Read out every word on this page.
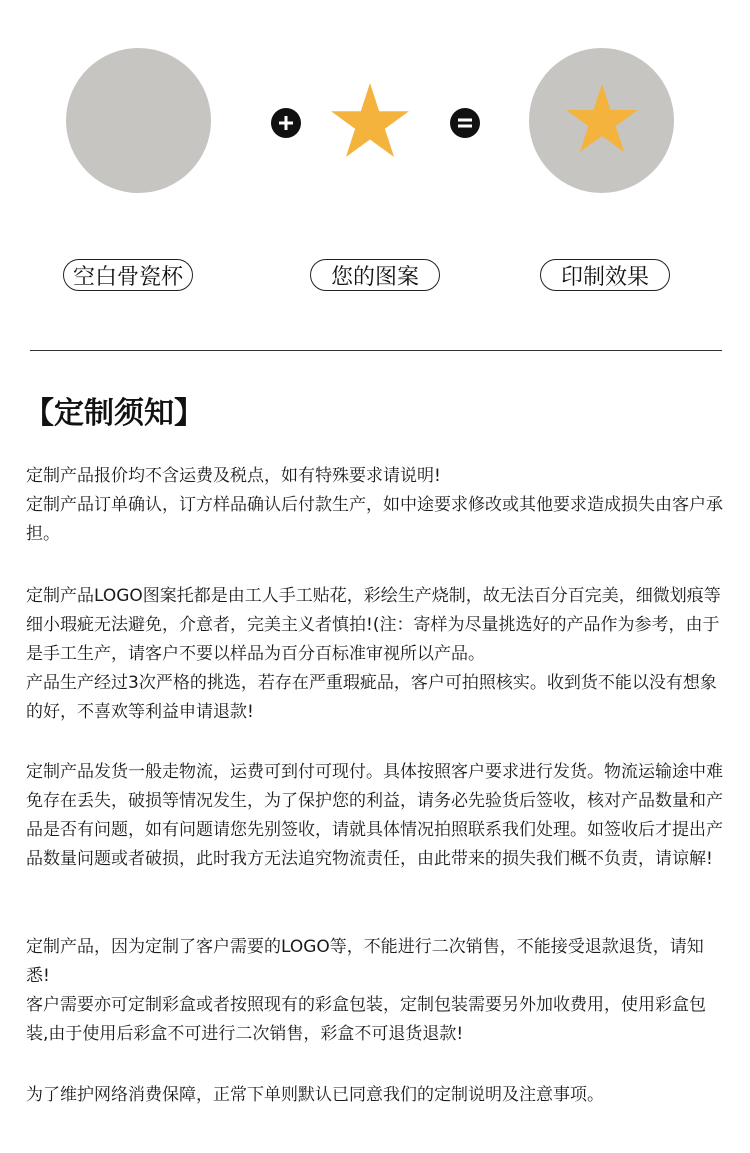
空白骨瓷杯	您的图案	印制效果
【定制须知】

定制产品报价均不含运费及税点，如有特殊要求请说明!

定制产品订单确认，订方样品确认后付款生产，如中途要求修改或其他要求造成损失由客户承担。

定制产品LOGO图案托都是由工人手工贴花，彩绘生产烧制，故无法百分百完美，细微划痕等细小瑕疵无法避免，介意者，完美主义者慎拍!(注：寄样为尽量挑选好的产品作为参考，由于是手工生产，请客户不要以样品为百分百标准审视所以产品。

产品生产经过3次严格的挑选，若存在严重瑕疵品，客户可拍照核实。收到货不能以没有想象的好，不喜欢等利益申请退款!

定制产品发货一般走物流，运费可到付可现付。具体按照客户要求进行发货。物流运输途中难免存在丢失，破损等情况发生，为了保护您的利益，请务必先验货后签收，核对产品数量和产品是否有问题，如有问题请您先别签收，请就具体情况拍照联系我们处理。如签收后才提出产品数量问题或者破损，此时我方无法追究物流责任，由此带来的损失我们概不负责，请谅解!

定制产品，因为定制了客户需要的LOGO等，不能进行二次销售，不能接受退款退货，请知悉!

客户需要亦可定制彩盒或者按照现有的彩盒包装，定制包装需要另外加收费用，使用彩盒包装,由于使用后彩盒不可进行二次销售，彩盒不可退货退款!

为了维护网络消费保障，正常下单则默认已同意我们的定制说明及注意事项。
